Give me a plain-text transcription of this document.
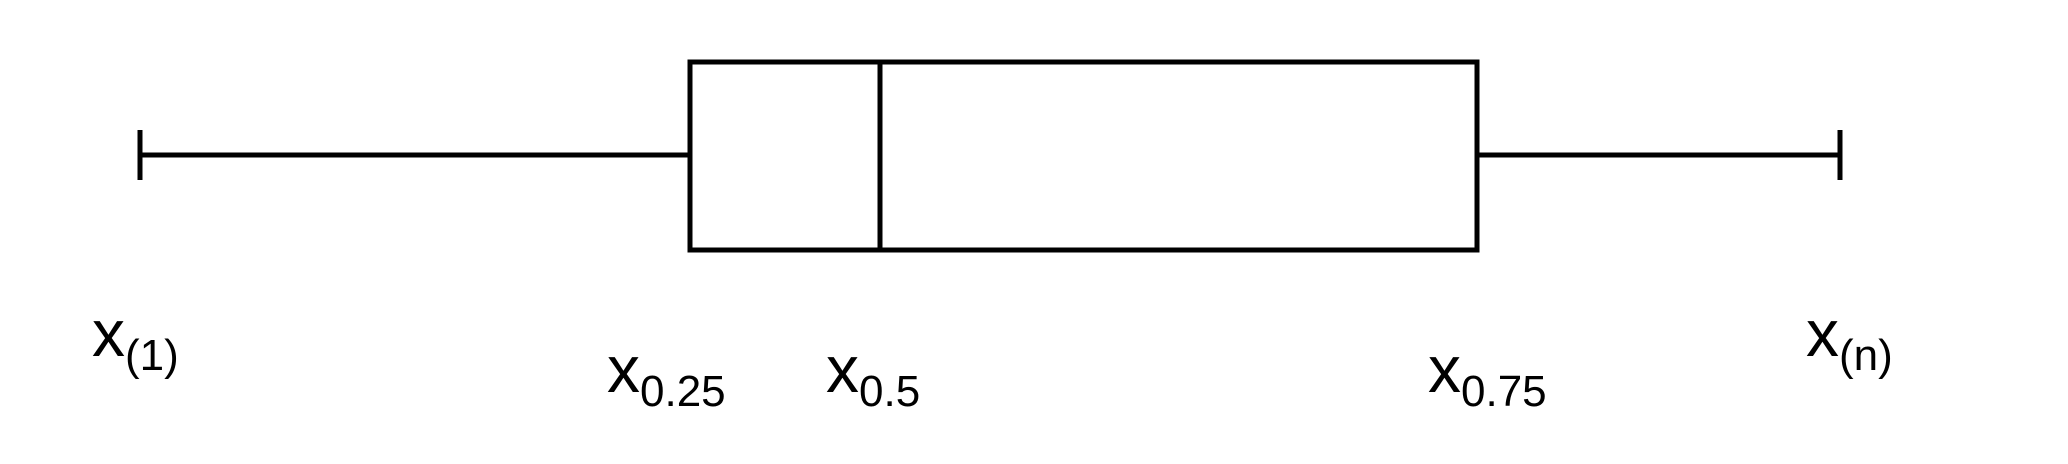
x(1)	x0.25 x0.5	x0.75
x(n)
